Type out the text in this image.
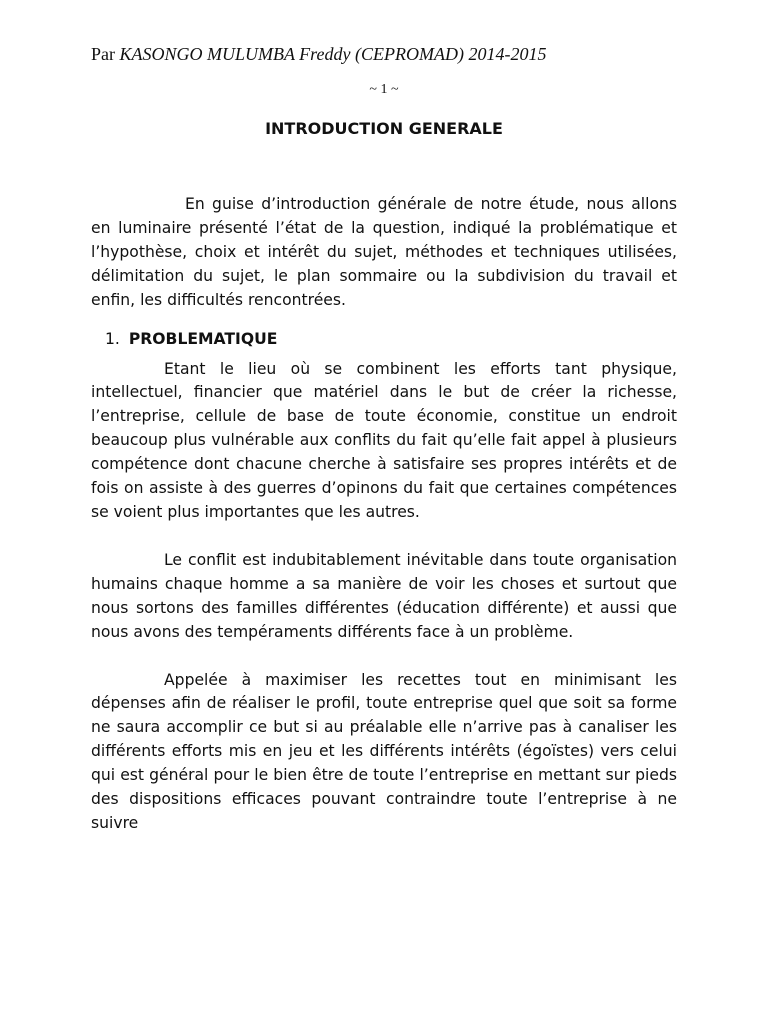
Par KASONGO MULUMBA Freddy (CEPROMAD) 2014-2015
~ 1 ~
INTRODUCTION GENERALE

En guise d’introduction générale de notre étude, nous allons en luminaire présenté l’état de la question, indiqué la problématique et l’hypothèse, choix et intérêt du sujet, méthodes et techniques utilisées, délimitation du sujet, le plan sommaire ou la subdivision du travail et enfin, les difficultés rencontrées.

1. PROBLEMATIQUE

Etant le lieu où se combinent les efforts tant physique, intellectuel, financier que matériel dans le but de créer la richesse, l’entreprise, cellule de base de toute économie, constitue un endroit beaucoup plus vulnérable aux conflits du fait qu’elle fait appel à plusieurs compétence dont chacune cherche à satisfaire ses propres intérêts et de fois on assiste à des guerres d’opinons du fait que certaines compétences se voient plus importantes que les autres.

Le conflit est indubitablement inévitable dans toute organisation humains chaque homme a sa manière de voir les choses et surtout que nous sortons des familles différentes (éducation différente) et aussi que nous avons des tempéraments différents face à un problème.

Appelée à maximiser les recettes tout en minimisant les dépenses afin de réaliser le profil, toute entreprise quel que soit sa forme ne saura accomplir ce but si au préalable elle n’arrive pas à canaliser les différents efforts mis en jeu et les différents intérêts (égoïstes) vers celui qui est général pour le bien être de toute l’entreprise en mettant sur pieds des dispositions efficaces pouvant contraindre toute l’entreprise à ne suivre
